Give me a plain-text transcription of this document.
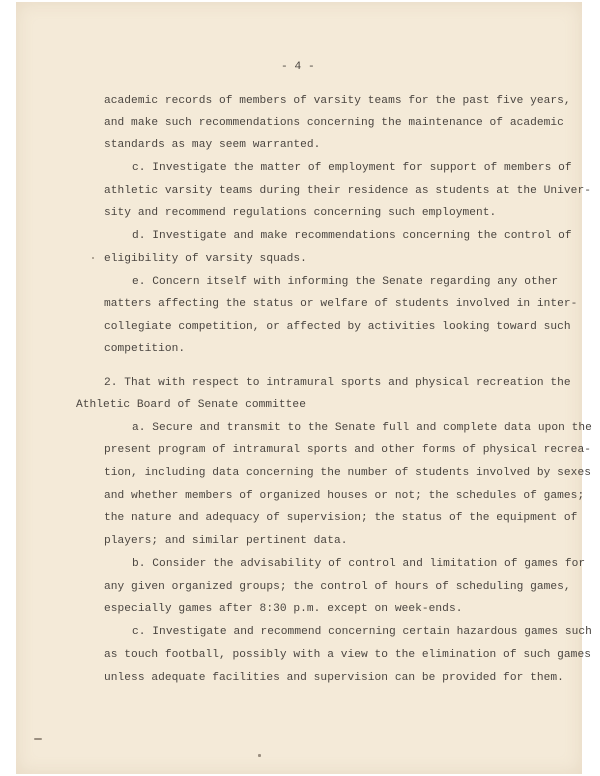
- 4 -
academic records of members of varsity teams for the past five years,
and make such recommendations concerning the maintenance of academic
standards as may seem warranted.
c. Investigate the matter of employment for support of members of
athletic varsity teams during their residence as students at the Univer-
sity and recommend regulations concerning such employment.
d. Investigate and make recommendations concerning the control of
eligibility of varsity squads.
e. Concern itself with informing the Senate regarding any other
matters affecting the status or welfare of students involved in inter-
collegiate competition, or affected by activities looking toward such
competition.
2. That with respect to intramural sports and physical recreation the
Athletic Board of Senate committee
a. Secure and transmit to the Senate full and complete data upon the
present program of intramural sports and other forms of physical recrea-
tion, including data concerning the number of students involved by sexes
and whether members of organized houses or not; the schedules of games;
the nature and adequacy of supervision; the status of the equipment of
players; and similar pertinent data.
b. Consider the advisability of control and limitation of games for
any given organized groups; the control of hours of scheduling games,
especially games after 8:30 p.m. except on week-ends.
c. Investigate and recommend concerning certain hazardous games such
as touch football, possibly with a view to the elimination of such games
unless adequate facilities and supervision can be provided for them.
